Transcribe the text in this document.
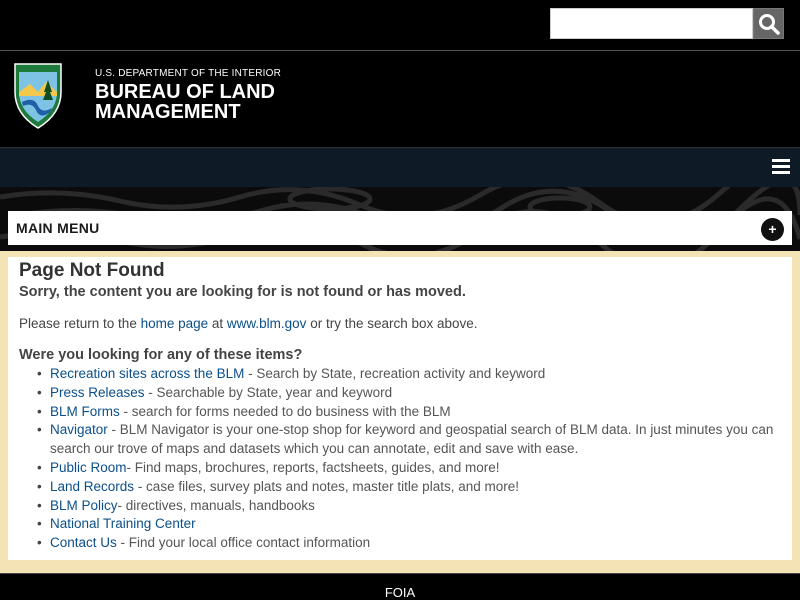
U.S. DEPARTMENT OF THE INTERIOR
BUREAU OF LAND
MANAGEMENT
MAIN MENU	+
Page Not Found
Sorry, the content you are looking for is not found or has moved.
Please return to the home page at www.blm.gov or try the search box above.
Were you looking for any of these items?
• Recreation sites across the BLM - Search by State, recreation activity and keyword
• Press Releases - Searchable by State, year and keyword
• BLM Forms - search for forms needed to do business with the BLM
• Navigator - BLM Navigator is your one-stop shop for keyword and geospatial search of BLM data. In just minutes you can search our trove of maps and datasets which you can annotate, edit and save with ease.
• Public Room- Find maps, brochures, reports, factsheets, guides, and more!
• Land Records - case files, survey plats and notes, master title plats, and more!
• BLM Policy- directives, manuals, handbooks
• National Training Center
• Contact Us - Find your local office contact information
FOIA
